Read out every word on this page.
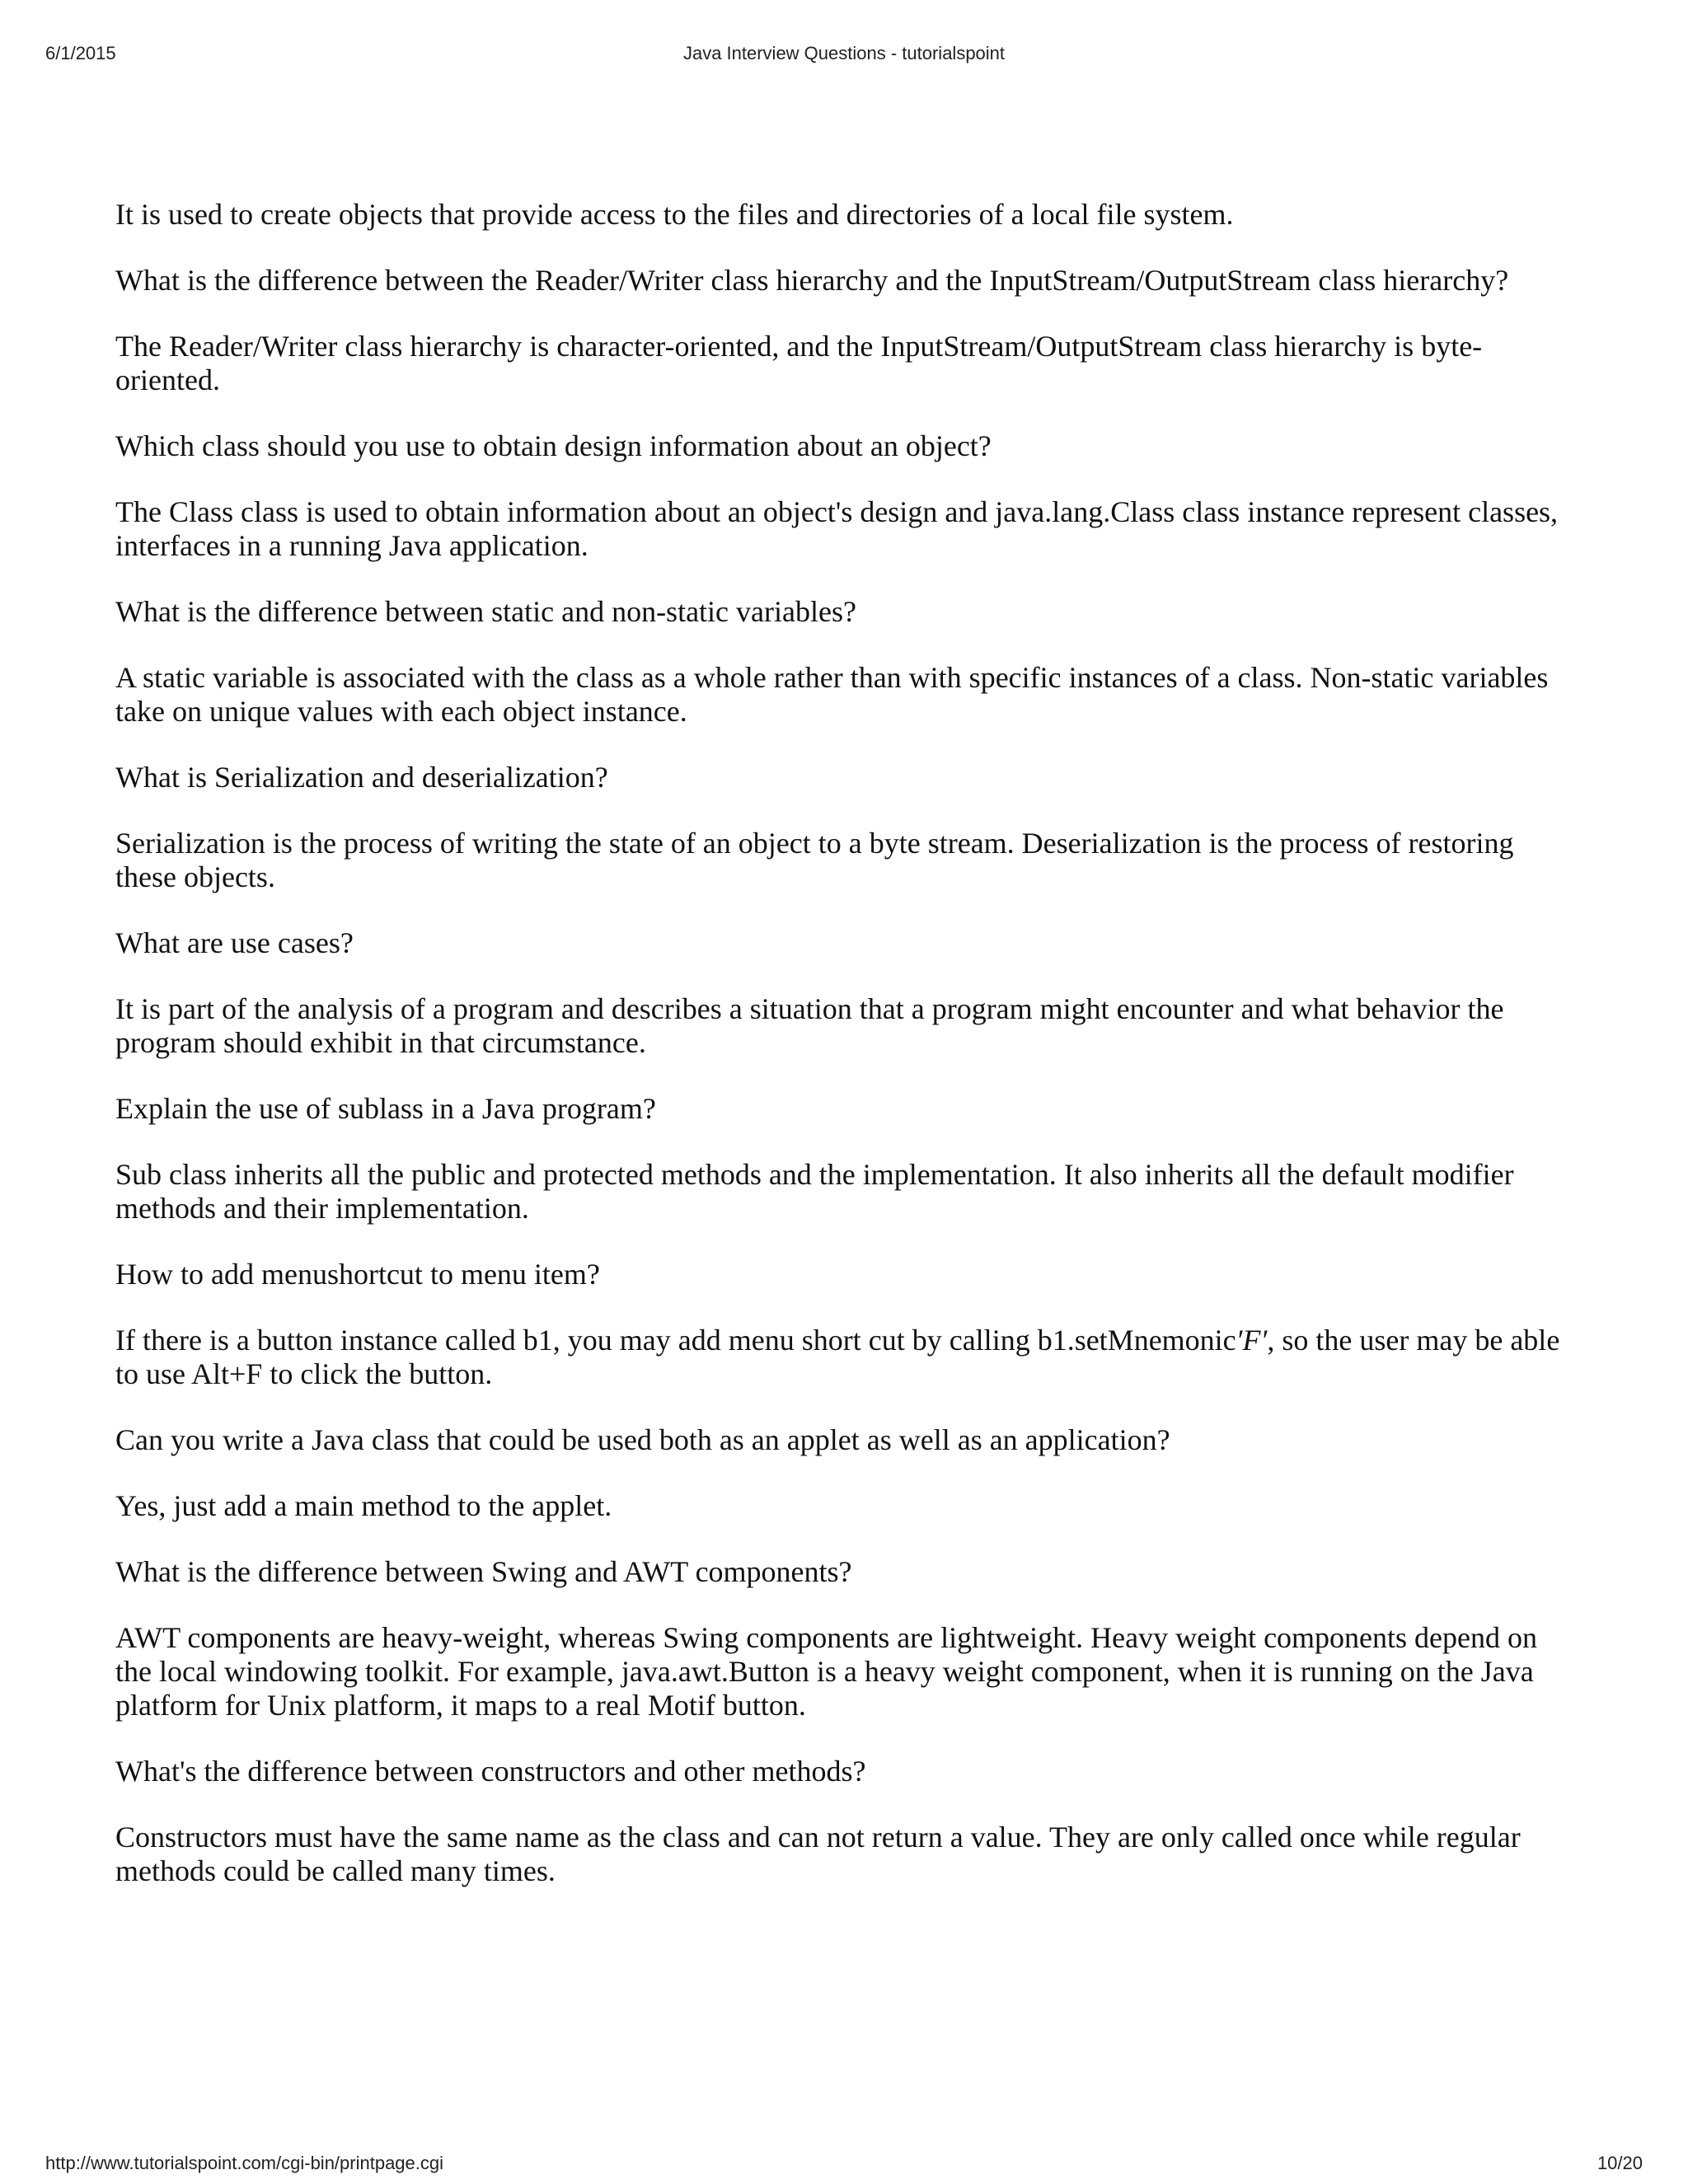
6/1/2015	Java Interview Questions - tutorialspoint

It is used to create objects that provide access to the files and directories of a local file system.

What is the difference between the Reader/Writer class hierarchy and the InputStream/OutputStream class hierarchy?

The Reader/Writer class hierarchy is character-oriented, and the InputStream/OutputStream class hierarchy is byte-oriented.

Which class should you use to obtain design information about an object?

The Class class is used to obtain information about an object's design and java.lang.Class class instance represent classes, interfaces in a running Java application.

What is the difference between static and non-static variables?

A static variable is associated with the class as a whole rather than with specific instances of a class. Non-static variables take on unique values with each object instance.

What is Serialization and deserialization?

Serialization is the process of writing the state of an object to a byte stream. Deserialization is the process of restoring these objects.

What are use cases?

It is part of the analysis of a program and describes a situation that a program might encounter and what behavior the program should exhibit in that circumstance.

Explain the use of sublass in a Java program?

Sub class inherits all the public and protected methods and the implementation. It also inherits all the default modifier methods and their implementation.

How to add menushortcut to menu item?

If there is a button instance called b1, you may add menu short cut by calling b1.setMnemonic′F′, so the user may be able to use Alt+F to click the button.

Can you write a Java class that could be used both as an applet as well as an application?

Yes, just add a main method to the applet.

What is the difference between Swing and AWT components?

AWT components are heavy-weight, whereas Swing components are lightweight. Heavy weight components depend on the local windowing toolkit. For example, java.awt.Button is a heavy weight component, when it is running on the Java platform for Unix platform, it maps to a real Motif button.

What's the difference between constructors and other methods?

Constructors must have the same name as the class and can not return a value. They are only called once while regular methods could be called many times.

http://www.tutorialspoint.com/cgi-bin/printpage.cgi	10/20
